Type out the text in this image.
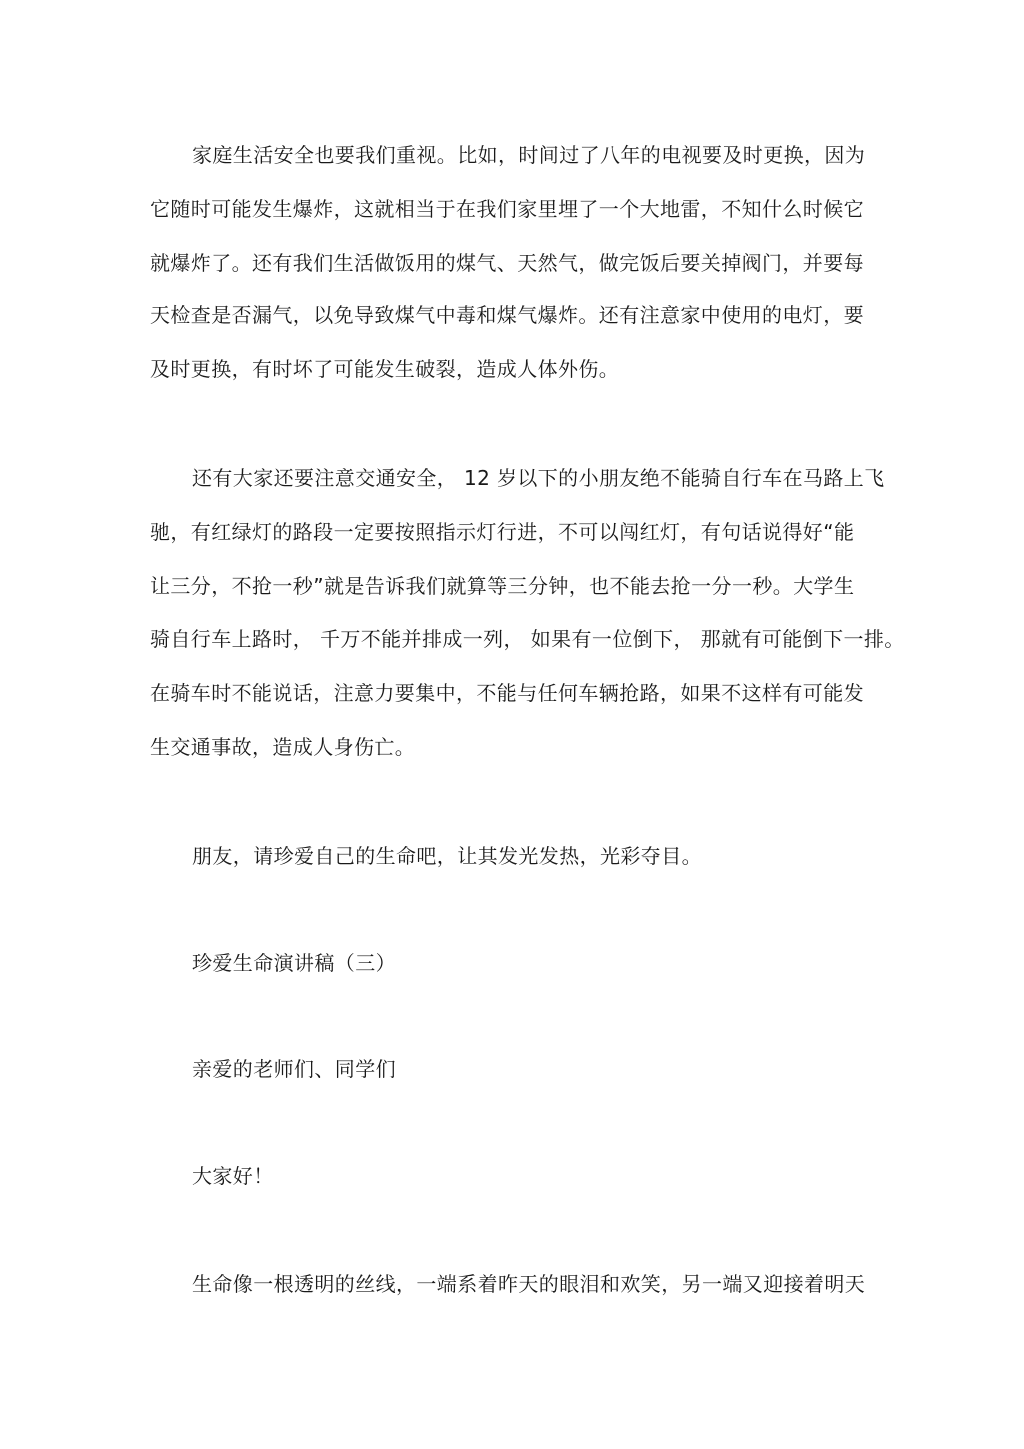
家庭生活安全也要我们重视。比如，时间过了八年的电视要及时更换，因为
它随时可能发生爆炸，这就相当于在我们家里埋了一个大地雷，不知什么时候它
就爆炸了。还有我们生活做饭用的煤气、天然气，做完饭后要关掉阀门，并要每
天检查是否漏气，以免导致煤气中毒和煤气爆炸。还有注意家中使用的电灯，要
及时更换，有时坏了可能发生破裂，造成人体外伤。
还有大家还要注意交通安全， 12 岁以下的小朋友绝不能骑自行车在马路上飞
驰，有红绿灯的路段一定要按照指示灯行进，不可以闯红灯，有句话说得好“能
让三分，不抢一秒”就是告诉我们就算等三分钟，也不能去抢一分一秒。大学生
骑自行车上路时， 千万不能并排成一列， 如果有一位倒下， 那就有可能倒下一排。
在骑车时不能说话，注意力要集中，不能与任何车辆抢路，如果不这样有可能发
生交通事故，造成人身伤亡。
朋友，请珍爱自己的生命吧，让其发光发热，光彩夺目。
珍爱生命演讲稿（三）
亲爱的老师们、同学们
大家好！
生命像一根透明的丝线，一端系着昨天的眼泪和欢笑，另一端又迎接着明天
